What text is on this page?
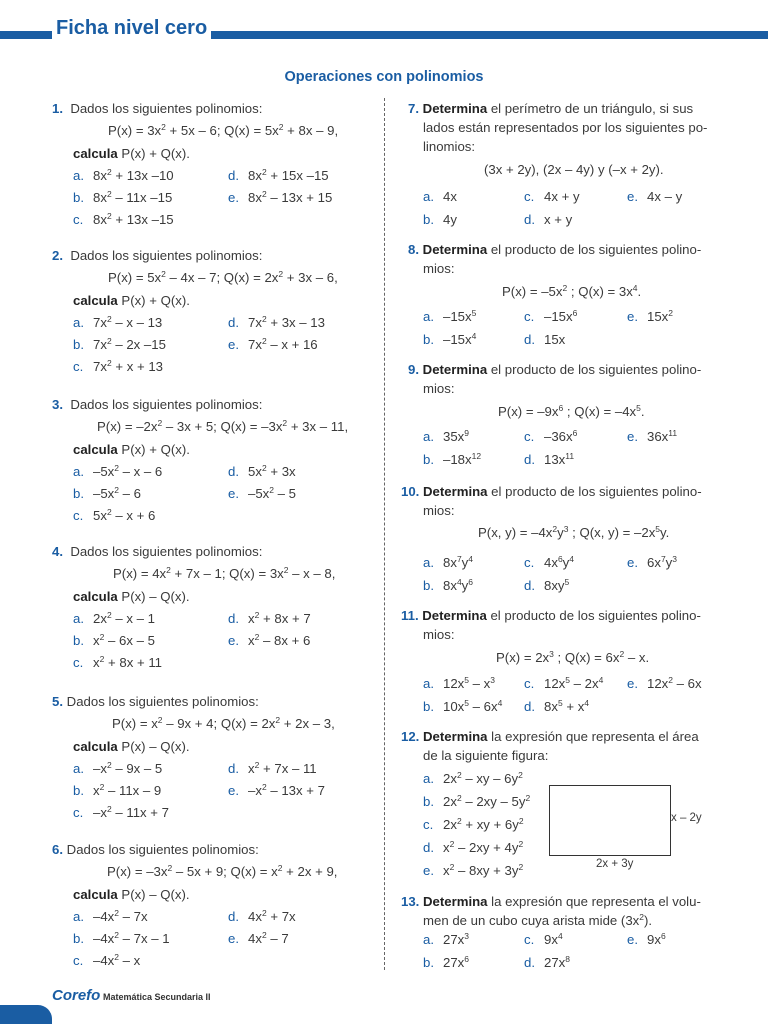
Ficha nivel cero
Operaciones con polinomios
1. Dados los siguientes polinomios:
$P(x) = 3x^2 + 5x - 6$; $Q(x) = 5x^2 + 8x - 9$,
calcula P(x) + Q(x).
a. $8x^2 + 13x$ –10	d. $8x^2 + 15x$ –15
b. $8x^2 - 11x$ –15	e. $8x^2 - 13x + 15$
c. $8x^2 + 13x$ –15
2. Dados los siguientes polinomios:
$P(x) = 5x^2 - 4x - 7$; $Q(x) = 2x^2 + 3x - 6$,
calcula P(x) + Q(x).
a. $7x^2$ – x – 13	d. $7x^2 + 3x - 13$
b. $7x^2 - 2x$ –15	e. $7x^2 - x + 16$
c. $7x^2 + x + 13$
3. Dados los siguientes polinomios:
$P(x) = -2x^2 - 3x + 5$; $Q(x) = -3x^2 + 3x - 11$,
calcula P(x) + Q(x).
a. $-5x^2$ – x – 6	d. $5x^2 + 3x$
b. $-5x^2 - 6$	e. $-5x^2 - 5$
c. $5x^2 - x + 6$
4. Dados los siguientes polinomios:
$P(x) = 4x^2 + 7x - 1$; $Q(x) = 3x^2 - x - 8$,
calcula P(x) – Q(x).
a. $2x^2$ – x – 1	d. $x^2 + 8x + 7$
b. $x^2 - 6x - 5$	e. $x^2 - 8x + 6$
c. $x^2 + 8x + 11$
5. Dados los siguientes polinomios:
$P(x) = x^2 - 9x + 4$; $Q(x) = 2x^2 + 2x - 3$,
calcula P(x) – Q(x).
a. $-x^2 - 9x - 5$	d. $x^2 + 7x - 11$
b. $x^2 - 11x - 9$	e. $-x^2 - 13x + 7$
c. $-x^2 - 11x + 7$
6. Dados los siguientes polinomios:
$P(x) = -3x^2 - 5x + 9$; $Q(x) = x^2 + 2x + 9$,
calcula P(x) – Q(x).
a. $-4x^2 - 7x$	d. $4x^2 + 7x$
b. $-4x^2 - 7x - 1$	e. $4x^2 - 7$
c. $-4x^2$ – x
7. Determina el perímetro de un triángulo, si sus
lados están representados por los siguientes po-
linomios:
(3x + 2y), (2x – 4y) y (–x + 2y).
a. 4x	c. 4x + y	e. 4x – y
b. 4y	d. x + y
8. Determina el producto de los siguientes polino-
mios:
$P(x) = -5x^2$ ; $Q(x) = 3x^4$.
a. $-15x^5$	c. $-15x^6$	e. $15x^2$
b. $-15x^4$	d. 15x
9. Determina el producto de los siguientes polino-
mios:
$P(x) = -9x^6$ ; $Q(x) = -4x^5$.
a. $35x^9$	c. $-36x^6$	e. $36x^{11}$
b. $-18x^{12}$	d. $13x^{11}$
10. Determina el producto de los siguientes polino-
mios:
P(x, $y) = -4x^2y^3$ ; Q(x, $y) = -2x^5y$.
a. $8x^7y^4$	c. $4x^6y^4$	e. $6x^7y^3$
b. $8x^4y^6$	d. $8xy^5$
11. Determina el producto de los siguientes polino-
mios:
$P(x) = 2x^3$ ; $Q(x) = 6x^2 - x$.
a. $12x^5 - x^3$ c. $12x^5 - 2x^4$ e. $12x^2 - 6x$
b. $10x^5 - 6x^4$ d. $8x^5 + x^4$
12. Determina la expresión que representa el área
de la siguiente figura:
a. $2x^2$ – xy – $6y^2$
b. $2x^2 - 2xy - 5y^2$
c. $2x^2$ + xy + $6y^2$
d. $x^2 - 2xy + 4y^2$
e. $x^2 - 8xy + 3y^2$
13. Determina la expresión que representa el volu-
men de un cubo cuya arista mide $(3x^2)$.
a. $27x^3$	c. $9x^4$	e. $9x^6$
b. $27x^6$	d. $27x^8$
x – 2y
2x + 3y
Corefo Matemática Secundaria II
